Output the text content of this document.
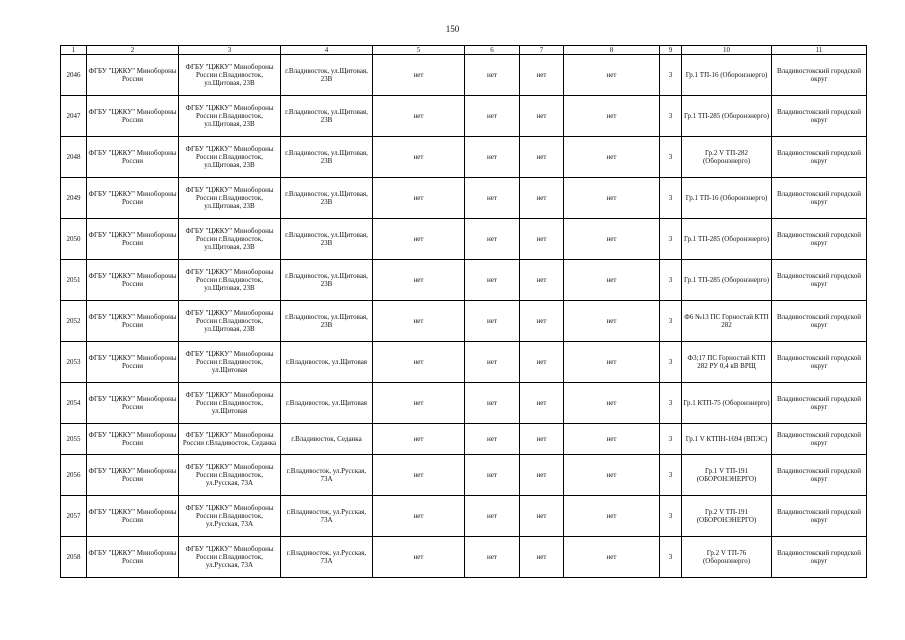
150
1	2	3	4	5	6	7	8	9	10	11
2046	ФГБУ "ЦЖКУ" Минобороны России	ФГБУ "ЦЖКУ" Минобороны России г.Владивосток, ул.Щитовая, 23В	г.Владивосток, ул.Щитовая, 23В	нет	нет	нет	нет	3	Гр.1 ТП-16 (Оборонэнерго)	Владивостокский городской округ
2047	ФГБУ "ЦЖКУ" Минобороны России	ФГБУ "ЦЖКУ" Минобороны России г.Владивосток, ул.Щитовая, 23В	г.Владивосток, ул.Щитовая, 23В	нет	нет	нет	нет	3	Гр.1 ТП-285 (Оборонэнерго)	Владивостокский городской округ
2048	ФГБУ "ЦЖКУ" Минобороны России	ФГБУ "ЦЖКУ" Минобороны России г.Владивосток, ул.Щитовая, 23В	г.Владивосток, ул.Щитовая, 23В	нет	нет	нет	нет	3	Гр.2 V ТП-282 (Оборонэнерго)	Владивостокский городской округ
2049	ФГБУ "ЦЖКУ" Минобороны России	ФГБУ "ЦЖКУ" Минобороны России г.Владивосток, ул.Щитовая, 23В	г.Владивосток, ул.Щитовая, 23В	нет	нет	нет	нет	3	Гр.1 ТП-16 (Оборонэнерго)	Владивостокский городской округ
2050	ФГБУ "ЦЖКУ" Минобороны России	ФГБУ "ЦЖКУ" Минобороны России г.Владивосток, ул.Щитовая, 23В	г.Владивосток, ул.Щитовая, 23В	нет	нет	нет	нет	3	Гр.1 ТП-285 (Оборонэнерго)	Владивостокский городской округ
2051	ФГБУ "ЦЖКУ" Минобороны России	ФГБУ "ЦЖКУ" Минобороны России г.Владивосток, ул.Щитовая, 23В	г.Владивосток, ул.Щитовая, 23В	нет	нет	нет	нет	3	Гр.1 ТП-285 (Оборонэнерго)	Владивостокский городской округ
2052	ФГБУ "ЦЖКУ" Минобороны России	ФГБУ "ЦЖКУ" Минобороны России г.Владивосток, ул.Щитовая, 23В	г.Владивосток, ул.Щитовая, 23В	нет	нет	нет	нет	3	Ф6 №13 ПС Горностай КТП 282	Владивостокский городской округ
2053	ФГБУ "ЦЖКУ" Минобороны России	ФГБУ "ЦЖКУ" Минобороны России г.Владивосток, ул.Щитовая	г.Владивосток, ул.Щитовая	нет	нет	нет	нет	3	Ф3;17 ПС Горностай КТП 282 РУ 0,4 кВ ВРЩ	Владивостокский городской округ
2054	ФГБУ "ЦЖКУ" Минобороны России	ФГБУ "ЦЖКУ" Минобороны России г.Владивосток, ул.Щитовая	г.Владивосток, ул.Щитовая	нет	нет	нет	нет	3	Гр.1 КТП-75 (Оборонэнерго)	Владивостокский городской округ
2055	ФГБУ "ЦЖКУ" Минобороны России	ФГБУ "ЦЖКУ" Минобороны России г.Владивосток, Седанка	г.Владивосток, Седанка	нет	нет	нет	нет	3	Гр.1 V КТПН-1694 (ВПЭС)	Владивостокский городской округ
2056	ФГБУ "ЦЖКУ" Минобороны России	ФГБУ "ЦЖКУ" Минобороны России г.Владивосток, ул.Русская, 73А	г.Владивосток, ул.Русская, 73А	нет	нет	нет	нет	3	Гр.1 V ТП-191 (ОБОРОНЭНЕРГО)	Владивостокский городской округ
2057	ФГБУ "ЦЖКУ" Минобороны России	ФГБУ "ЦЖКУ" Минобороны России г.Владивосток, ул.Русская, 73А	г.Владивосток, ул.Русская, 73А	нет	нет	нет	нет	3	Гр.2 V ТП-191 (ОБОРОНЭНЕРГО)	Владивостокский городской округ
2058	ФГБУ "ЦЖКУ" Минобороны России	ФГБУ "ЦЖКУ" Минобороны России г.Владивосток, ул.Русская, 73А	г.Владивосток, ул.Русская, 73А	нет	нет	нет	нет	3	Гр.2 V ТП-76 (Оборонэнерго)	Владивостокский городской округ
